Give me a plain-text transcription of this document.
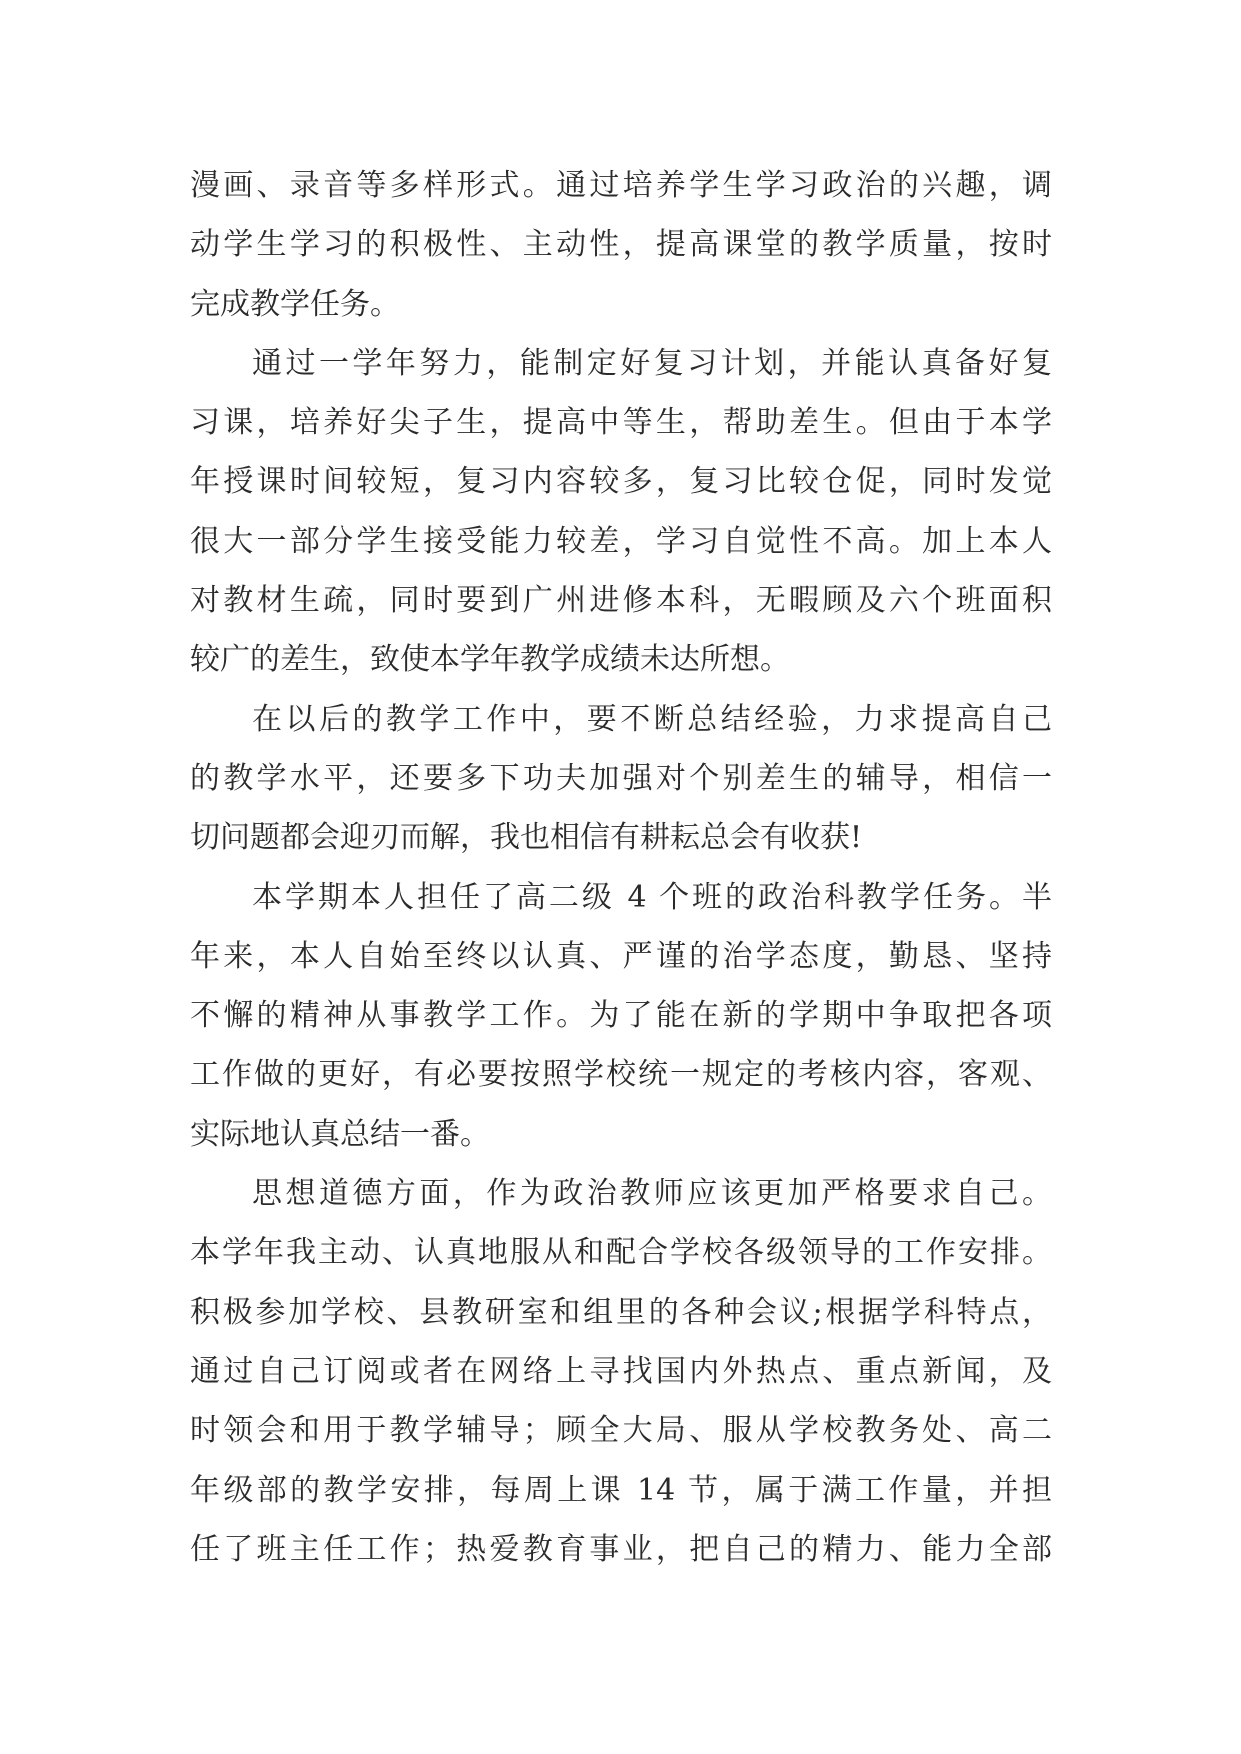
漫画、录音等多样形式。通过培养学生学习政治的兴趣，调
动学生学习的积极性、主动性，提高课堂的教学质量，按时
完成教学任务。
通过一学年努力，能制定好复习计划，并能认真备好复
习课，培养好尖子生，提高中等生，帮助差生。但由于本学
年授课时间较短，复习内容较多，复习比较仓促，同时发觉
很大一部分学生接受能力较差，学习自觉性不高。加上本人
对教材生疏，同时要到广州进修本科，无暇顾及六个班面积
较广的差生，致使本学年教学成绩未达所想。
在以后的教学工作中，要不断总结经验，力求提高自己
的教学水平，还要多下功夫加强对个别差生的辅导，相信一
切问题都会迎刃而解，我也相信有耕耘总会有收获!
本学期本人担任了高二级 4 个班的政治科教学任务。半
年来，本人自始至终以认真、严谨的治学态度，勤恳、坚持
不懈的精神从事教学工作。为了能在新的学期中争取把各项
工作做的更好，有必要按照学校统一规定的考核内容，客观、
实际地认真总结一番。
思想道德方面，作为政治教师应该更加严格要求自己。
本学年我主动、认真地服从和配合学校各级领导的工作安排。
积极参加学校、县教研室和组里的各种会议;根据学科特点，
通过自己订阅或者在网络上寻找国内外热点、重点新闻，及
时领会和用于教学辅导；顾全大局、服从学校教务处、高二
年级部的教学安排，每周上课 14 节，属于满工作量，并担
任了班主任工作；热爱教育事业，把自己的精力、能力全部
